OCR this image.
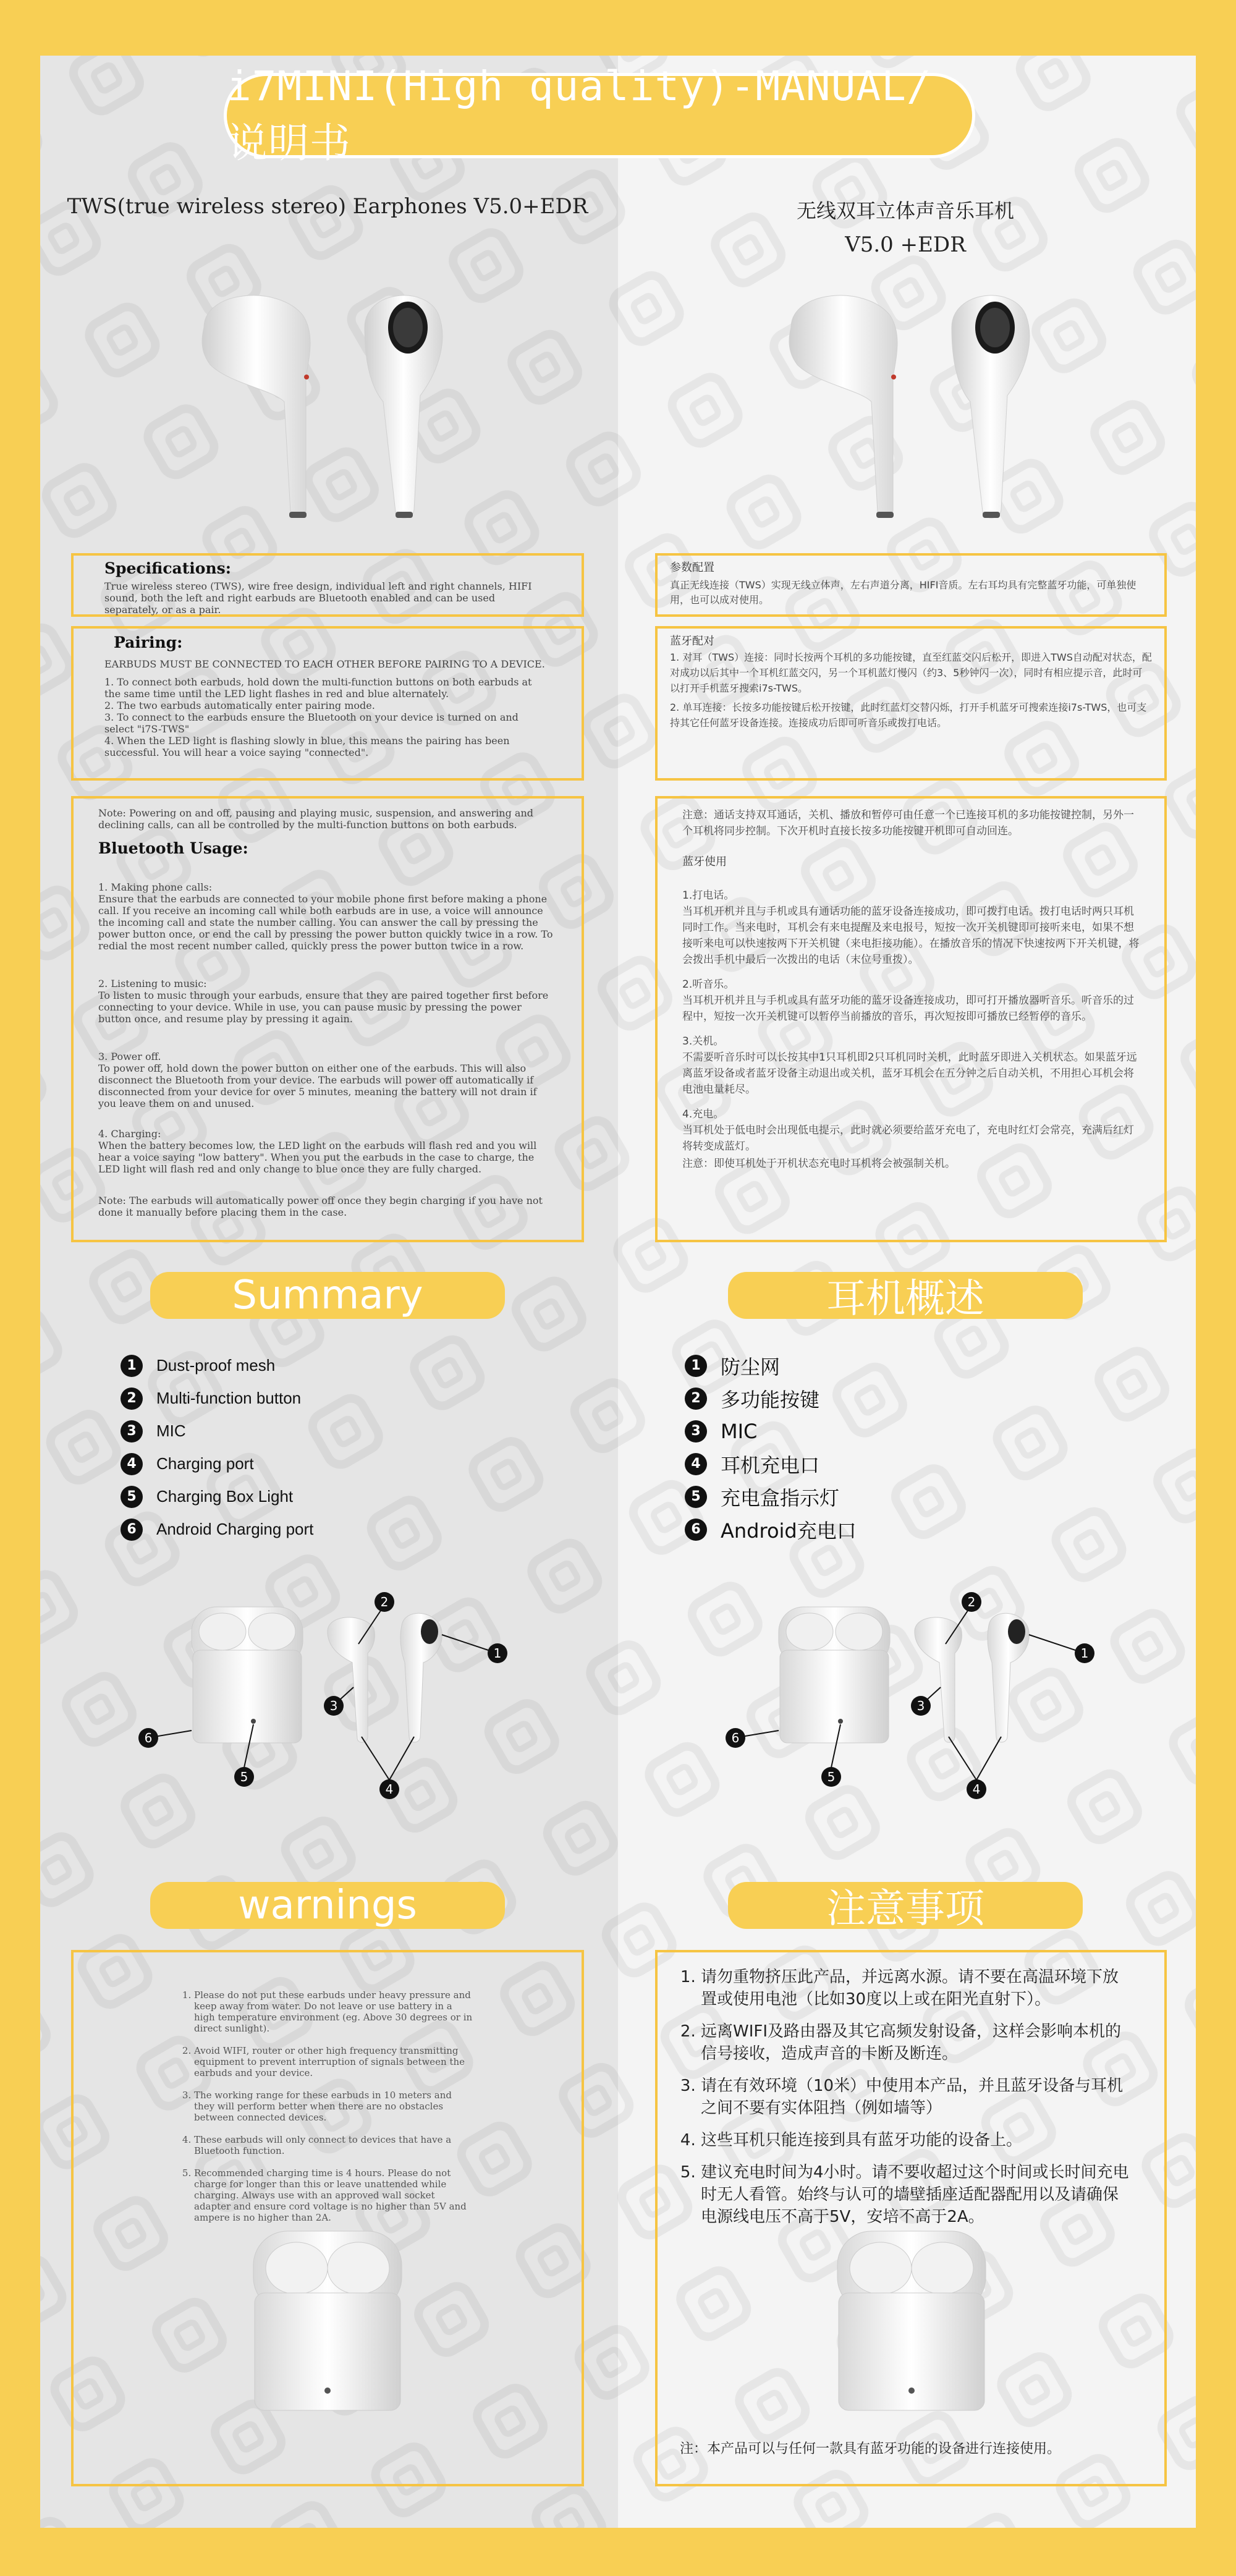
i7MINI(High quality)-MANUAL/说明书
TWS(true wireless stereo) Earphones V5.0+EDR	无线双耳立体声音乐耳机
V5.0 +EDR
Specifications:
True wireless stereo (TWS), wire free design, individual left and right channels, HIFI sound, both the left and right earbuds are Bluetooth enabled and can be used separately, or as a pair.
参数配置
真正无线连接（TWS）实现无线立体声，左右声道分离，HIFI音质。左右耳均具有完整蓝牙功能，可单独使用，也可以成对使用。
Pairing:

EARBUDS MUST BE CONNECTED TO EACH OTHER BEFORE PAIRING TO A DEVICE.

1. To connect both earbuds, hold down the multi-function buttons on both earbuds at the same time until the LED light flashes in red and blue alternately.
2. The two earbuds automatically enter pairing mode.
3. To connect to the earbuds ensure the Bluetooth on your device is turned on and select "i7S-TWS"
4. When the LED light is flashing slowly in blue, this means the pairing has been successful. You will hear a voice saying "connected".
蓝牙配对

1. 对耳（TWS）连接：同时长按两个耳机的多功能按键，直至红蓝交闪后松开，即进入TWS自动配对状态，配对成功以后其中一个耳机红蓝交闪，另一个耳机蓝灯慢闪（约3、5秒钟闪一次），同时有相应提示音，此时可以打开手机蓝牙搜索i7s-TWS。

2. 单耳连接：长按多功能按键后松开按键，此时红蓝灯交替闪烁，打开手机蓝牙可搜索连接i7s-TWS，也可支持其它任何蓝牙设备连接。连接成功后即可听音乐或拨打电话。

Note: Powering on and off, pausing and playing music, suspension, and answering and declining calls, can all be controlled by the multi-function buttons on both earbuds.

Bluetooth Usage:
1. Making phone calls:

Ensure that the earbuds are connected to your mobile phone first before making a phone call. If you receive an incoming call while both earbuds are in use, a voice will announce the incoming call and state the number calling. You can answer the call by pressing the power button once, or end the call by pressing the power button quickly twice in a row. To redial the most recent number called, quickly press the power button twice in a row.

2. Listening to music:

To listen to music through your earbuds, ensure that they are paired together first before connecting to your device. While in use, you can pause music by pressing the power button once, and resume play by pressing it again.

3. Power off.

To power off, hold down the power button on either one of the earbuds. This will also disconnect the Bluetooth from your device. The earbuds will power off automatically if disconnected from your device for over 5 minutes, meaning the battery will not drain if you leave them on and unused.

4. Charging:

When the battery becomes low, the LED light on the earbuds will flash red and you will hear a voice saying "low battery". When you put the earbuds in the case to charge, the LED light will flash red and only change to blue once they are fully charged.

Note: The earbuds will automatically power off once they begin charging if you have not done it manually before placing them in the case.

注意：通话支持双耳通话，关机、播放和暂停可由任意一个已连接耳机的多功能按键控制，另外一个耳机将同步控制。下次开机时直接长按多功能按键开机即可自动回连。

蓝牙使用
1.打电话。

当耳机开机并且与手机或具有通话功能的蓝牙设备连接成功，即可拨打电话。拨打电话时两只耳机同时工作。当来电时，耳机会有来电提醒及来电报号，短按一次开关机键即可接听来电，如果不想接听来电可以快速按两下开关机键（来电拒接功能）。在播放音乐的情况下快速按两下开关机键，将会拨出手机中最后一次拨出的电话（末位号重拨）。

2.听音乐。

当耳机开机并且与手机或具有蓝牙功能的蓝牙设备连接成功，即可打开播放器听音乐。听音乐的过程中，短按一次开关机键可以暂停当前播放的音乐，再次短按即可播放已经暂停的音乐。

3.关机。

不需要听音乐时可以长按其中1只耳机即2只耳机同时关机，此时蓝牙即进入关机状态。如果蓝牙远离蓝牙设备或者蓝牙设备主动退出或关机，蓝牙耳机会在五分钟之后自动关机，不用担心耳机会将电池电量耗尽。

4.充电。

当耳机处于低电时会出现低电提示，此时就必须要给蓝牙充电了，充电时红灯会常亮，充满后红灯将转变成蓝灯。

注意：即使耳机处于开机状态充电时耳机将会被强制关机。
Summary	耳机概述
1	Dust-proof mesh
2	Multi-function button
3	MIC
4	Charging port
5	Charging Box Light
6	Android Charging port
1	防尘网
2	多功能按键
3	MIC
4	耳机充电口
5	充电盒指示灯
6	Android充电口
1
2
3
4
5
6
1
2
3
4
5
6
warnings	注意事项
1. Please do not put these earbuds under heavy pressure and keep away from water. Do not leave or use battery in a high temperature environment (eg. Above 30 degrees or in direct sunlight).
2. Avoid WIFI, router or other high frequency transmitting equipment to prevent interruption of signals between the earbuds and your device.
3. The working range for these earbuds in 10 meters and they will perform better when there are no obstacles between connected devices.
4. These earbuds will only connect to devices that have a Bluetooth function.
5. Recommended charging time is 4 hours. Please do not charge for longer than this or leave unattended while charging. Always use with an approved wall socket adapter and ensure cord voltage is no higher than 5V and ampere is no higher than 2A.
1. 请勿重物挤压此产品，并远离水源。请不要在高温环境下放置或使用电池（比如30度以上或在阳光直射下）。
2. 远离WIFI及路由器及其它高频发射设备，这样会影响本机的信号接收，造成声音的卡断及断连。
3. 请在有效环境（10米）中使用本产品，并且蓝牙设备与耳机之间不要有实体阻挡（例如墙等）
4. 这些耳机只能连接到具有蓝牙功能的设备上。
5. 建议充电时间为4小时。请不要收超过这个时间或长时间充电时无人看管。始终与认可的墙壁插座适配器配用以及请确保电源线电压不高于5V，安培不高于2A。
注：本产品可以与任何一款具有蓝牙功能的设备进行连接使用。
